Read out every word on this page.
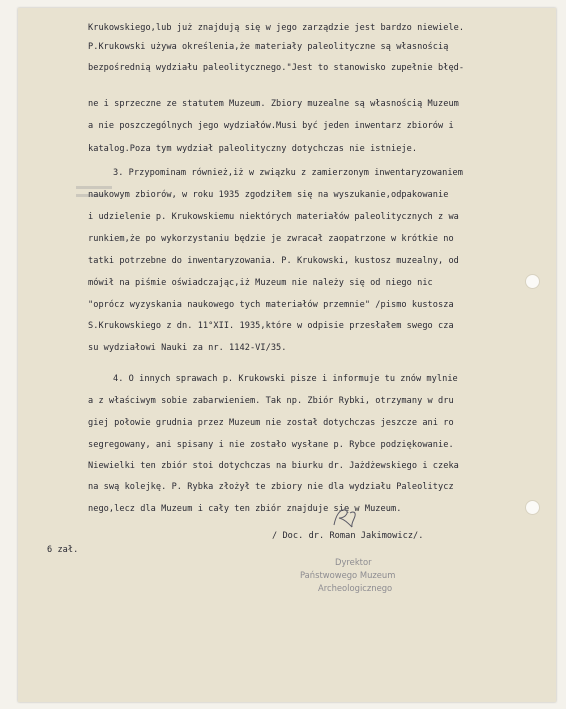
Krukowskiego,lub już znajdują się w jego zarządzie jest bardzo niewiele.
P.Krukowski używa określenia,że materiały paleolityczne są własnością
bezpośrednią wydziału paleolitycznego."Jest to stanowisko zupełnie błęd-
ne i sprzeczne ze statutem Muzeum. Zbiory muzealne są własnością Muzeum
a nie poszczególnych jego wydziałów.Musi być jeden inwentarz zbiorów i
katalog.Poza tym wydział paleolityczny dotychczas nie istnieje.
3. Przypominam również,iż w związku z zamierzonym inwentaryzowaniem
naukowym zbiorów, w roku 1935 zgodziłem się na wyszukanie,odpakowanie
i udzielenie p. Krukowskiemu niektórych materiałów paleolitycznych z wa
runkiem,że po wykorzystaniu będzie je zwracał zaopatrzone w krótkie no
tatki potrzebne do inwentaryzowania. P. Krukowski, kustosz muzealny, od
mówił na piśmie oświadczając,iż Muzeum nie należy się od niego nic
"oprócz wyzyskania naukowego tych materiałów przemnie" /pismo kustosza
S.Krukowskiego z dn. 11°XII. 1935,które w odpisie przesłałem swego cza
su wydziałowi Nauki za nr. 1142-VI/35.
4. O innych sprawach p. Krukowski pisze i informuje tu znów mylnie
a z właściwym sobie zabarwieniem. Tak np. Zbiór Rybki, otrzymany w dru
giej połowie grudnia przez Muzeum nie został dotychczas jeszcze ani ro
segregowany, ani spisany i nie zostało wysłane p. Rybce podziękowanie.
Niewielki ten zbiór stoi dotychczas na biurku dr. Jażdżewskiego i czeka
na swą kolejkę. P. Rybka złożył te zbiory nie dla wydziału Paleolitycz
nego,lecz dla Muzeum i cały ten zbiór znajduje się w Muzeum.
/ Doc. dr. Roman Jakimowicz/.
6 zał.
Dyrektor
Państwowego Muzeum
Archeologicznego
